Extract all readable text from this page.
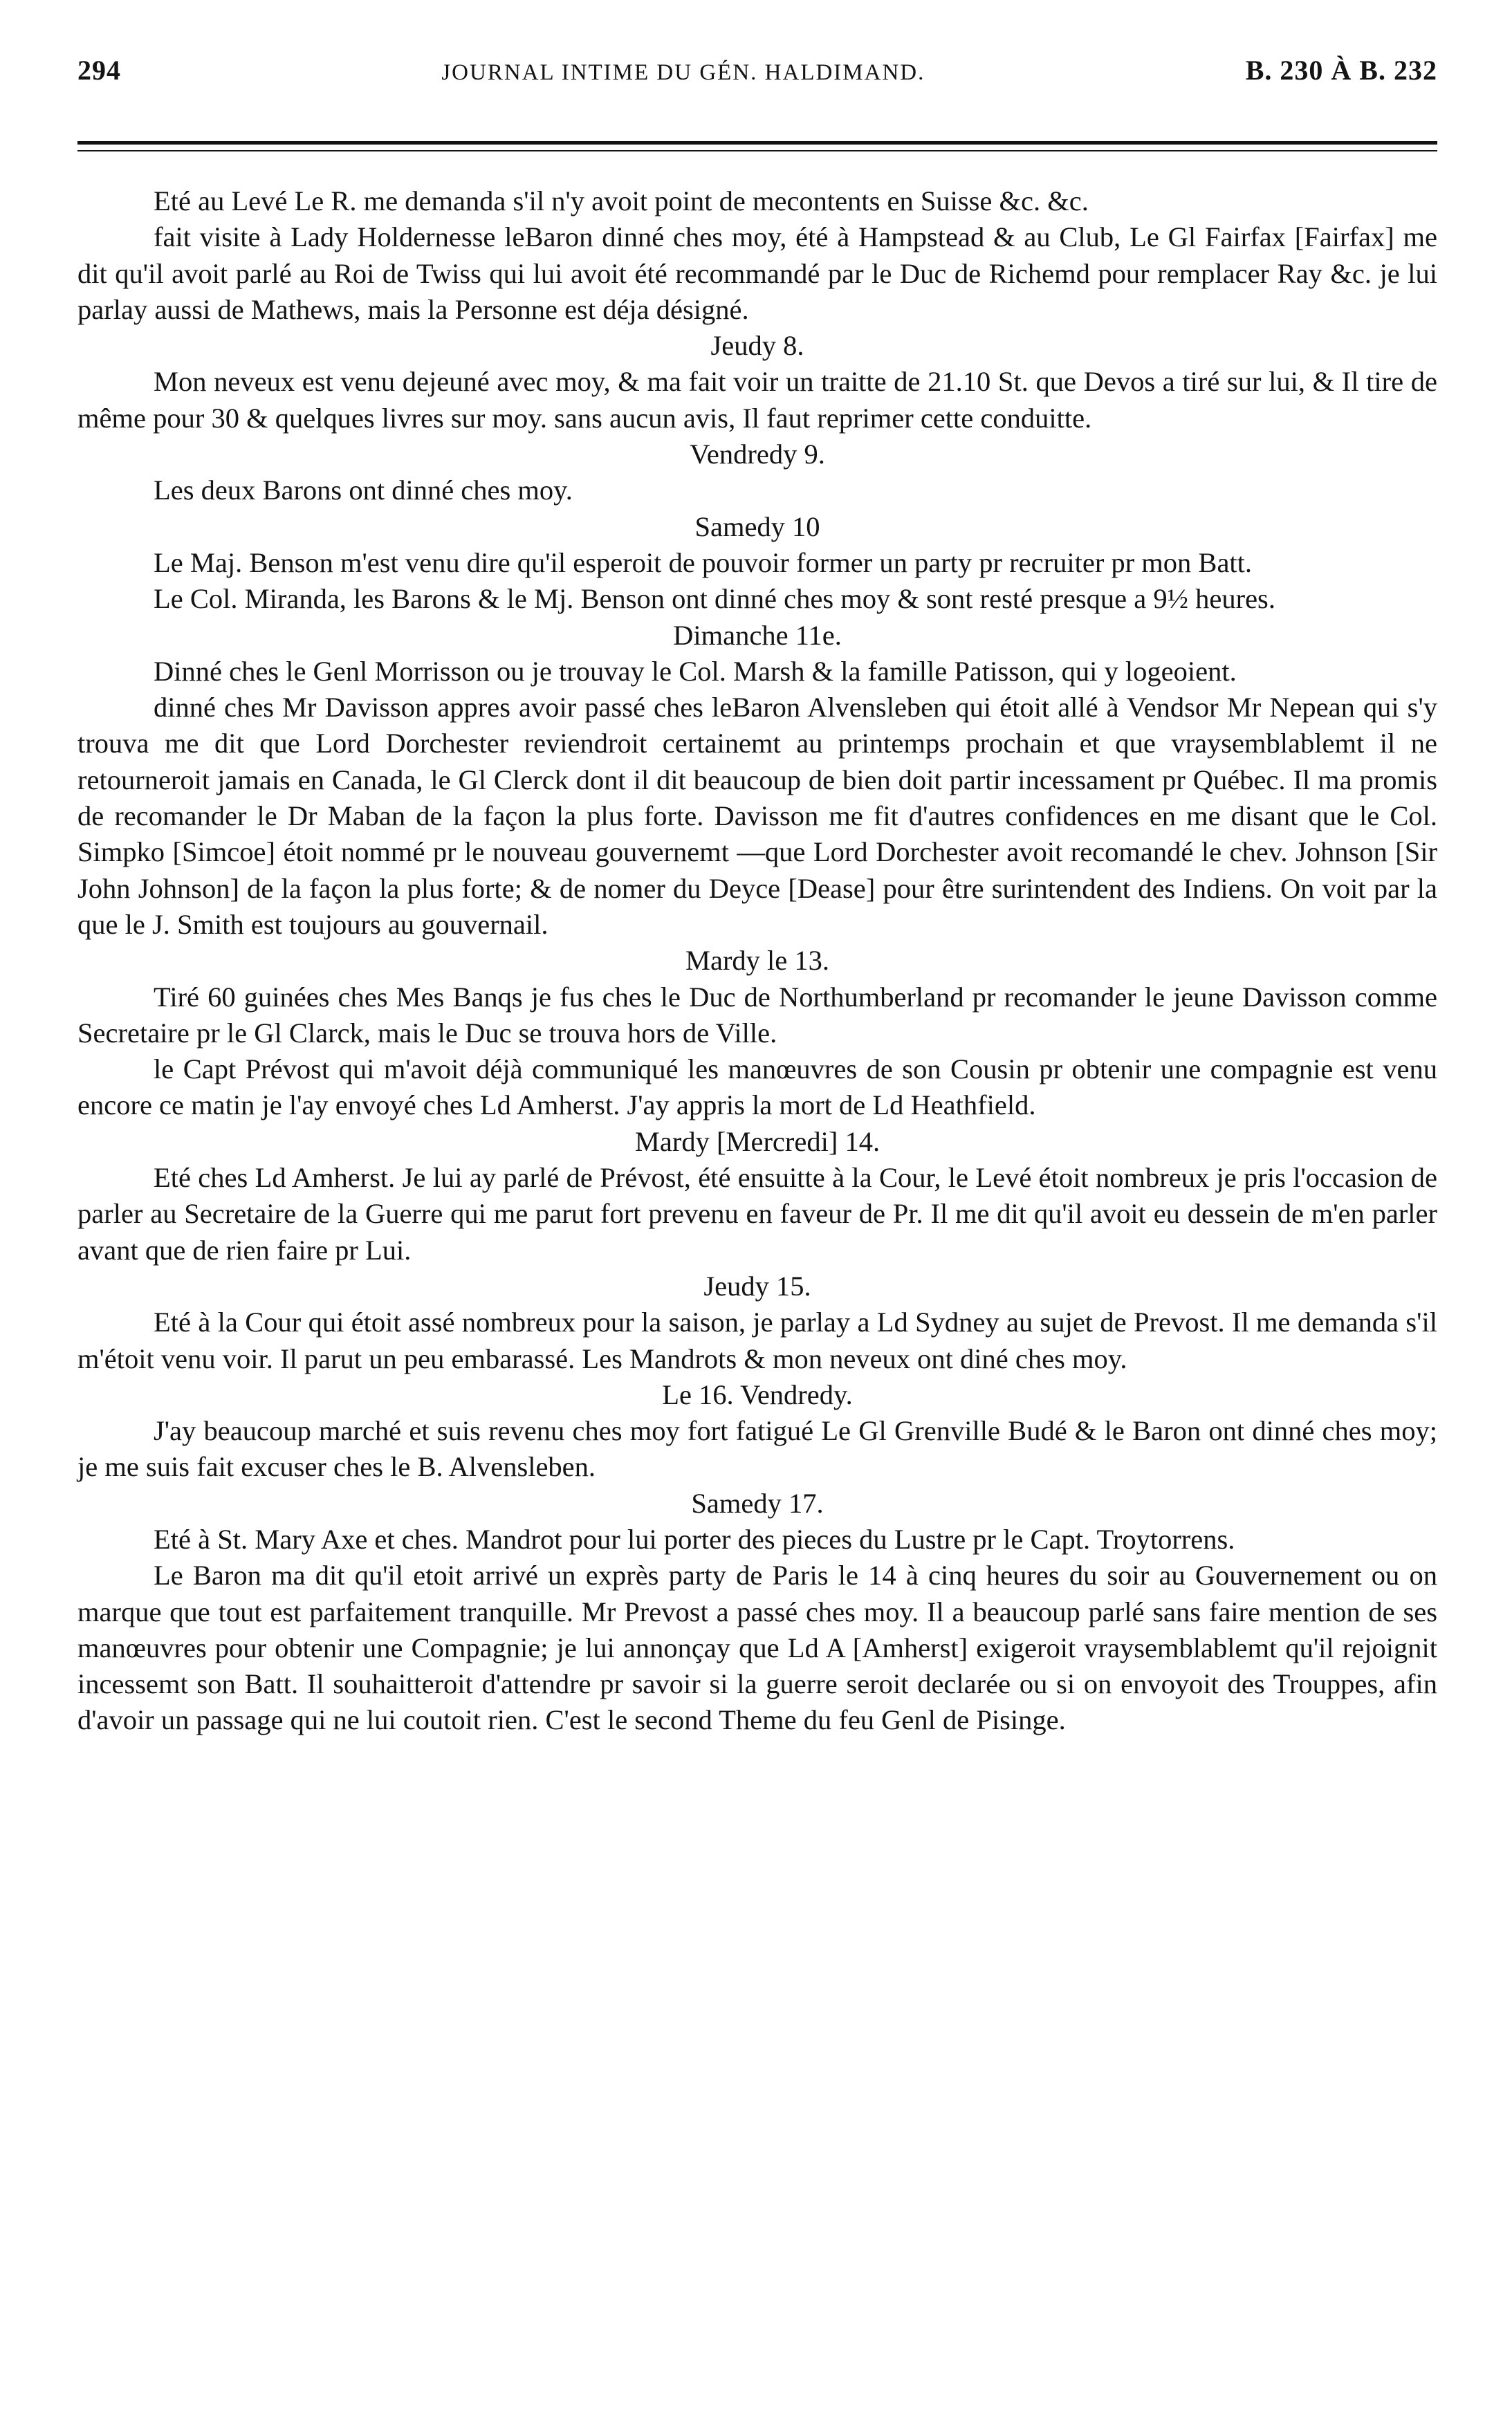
294	JOURNAL INTIME DU GÉN. HALDIMAND.	B. 230 À B. 232

Eté au Levé Le R. me demanda s'il n'y avoit point de mecontents en Suisse &c. &c.

fait visite à Lady Holdernesse leBaron dinné ches moy, été à Hampstead & au Club, Le Gl Fairfax [Fairfax] me dit qu'il avoit parlé au Roi de Twiss qui lui avoit été recommandé par le Duc de Richemd pour remplacer Ray &c. je lui parlay aussi de Mathews, mais la Personne est déja désigné.

Jeudy 8.

Mon neveux est venu dejeuné avec moy, & ma fait voir un traitte de 21.10 St. que Devos a tiré sur lui, & Il tire de même pour 30 & quelques livres sur moy. sans aucun avis, Il faut reprimer cette conduitte.

Vendredy 9.

Les deux Barons ont dinné ches moy.

Samedy 10

Le Maj. Benson m'est venu dire qu'il esperoit de pouvoir former un party pr recruiter pr mon Batt.

Le Col. Miranda, les Barons & le Mj. Benson ont dinné ches moy & sont resté presque a 9½ heures.

Dimanche 11e.

Dinné ches le Genl Morrisson ou je trouvay le Col. Marsh & la famille Patisson, qui y logeoient.

dinné ches Mr Davisson appres avoir passé ches leBaron Alvensleben qui étoit allé à Vendsor Mr Nepean qui s'y trouva me dit que Lord Dorchester reviendroit certainemt au printemps prochain et que vraysemblablemt il ne retourneroit jamais en Canada, le Gl Clerck dont il dit beaucoup de bien doit partir incessament pr Québec. Il ma promis de recomander le Dr Maban de la façon la plus forte. Davisson me fit d'autres confidences en me disant que le Col. Simpko [Simcoe] étoit nommé pr le nouveau gouvernemt —que Lord Dorchester avoit recomandé le chev. Johnson [Sir John Johnson] de la façon la plus forte; & de nomer du Deyce [Dease] pour être surintendent des Indiens. On voit par la que le J. Smith est toujours au gouvernail.

Mardy le 13.

Tiré 60 guinées ches Mes Banqs je fus ches le Duc de Northumberland pr recomander le jeune Davisson comme Secretaire pr le Gl Clarck, mais le Duc se trouva hors de Ville.

le Capt Prévost qui m'avoit déjà communiqué les manœuvres de son Cousin pr obtenir une compagnie est venu encore ce matin je l'ay envoyé ches Ld Amherst. J'ay appris la mort de Ld Heathfield.

Mardy [Mercredi] 14.

Eté ches Ld Amherst. Je lui ay parlé de Prévost, été ensuitte à la Cour, le Levé étoit nombreux je pris l'occasion de parler au Secretaire de la Guerre qui me parut fort prevenu en faveur de Pr. Il me dit qu'il avoit eu dessein de m'en parler avant que de rien faire pr Lui.

Jeudy 15.

Eté à la Cour qui étoit assé nombreux pour la saison, je parlay a Ld Sydney au sujet de Prevost. Il me demanda s'il m'étoit venu voir. Il parut un peu embarassé. Les Mandrots & mon neveux ont diné ches moy.

Le 16. Vendredy.

J'ay beaucoup marché et suis revenu ches moy fort fatigué Le Gl Grenville Budé & le Baron ont dinné ches moy; je me suis fait excuser ches le B. Alvensleben.

Samedy 17.

Eté à St. Mary Axe et ches. Mandrot pour lui porter des pieces du Lustre pr le Capt. Troytorrens.

Le Baron ma dit qu'il etoit arrivé un exprès party de Paris le 14 à cinq heures du soir au Gouvernement ou on marque que tout est parfaitement tranquille. Mr Prevost a passé ches moy. Il a beaucoup parlé sans faire mention de ses manœuvres pour obtenir une Compagnie; je lui annonçay que Ld A [Amherst] exigeroit vraysemblablemt qu'il rejoignit incessemt son Batt. Il souhaitteroit d'attendre pr savoir si la guerre seroit declarée ou si on envoyoit des Trouppes, afin d'avoir un passage qui ne lui coutoit rien. C'est le second Theme du feu Genl de Pisinge.
